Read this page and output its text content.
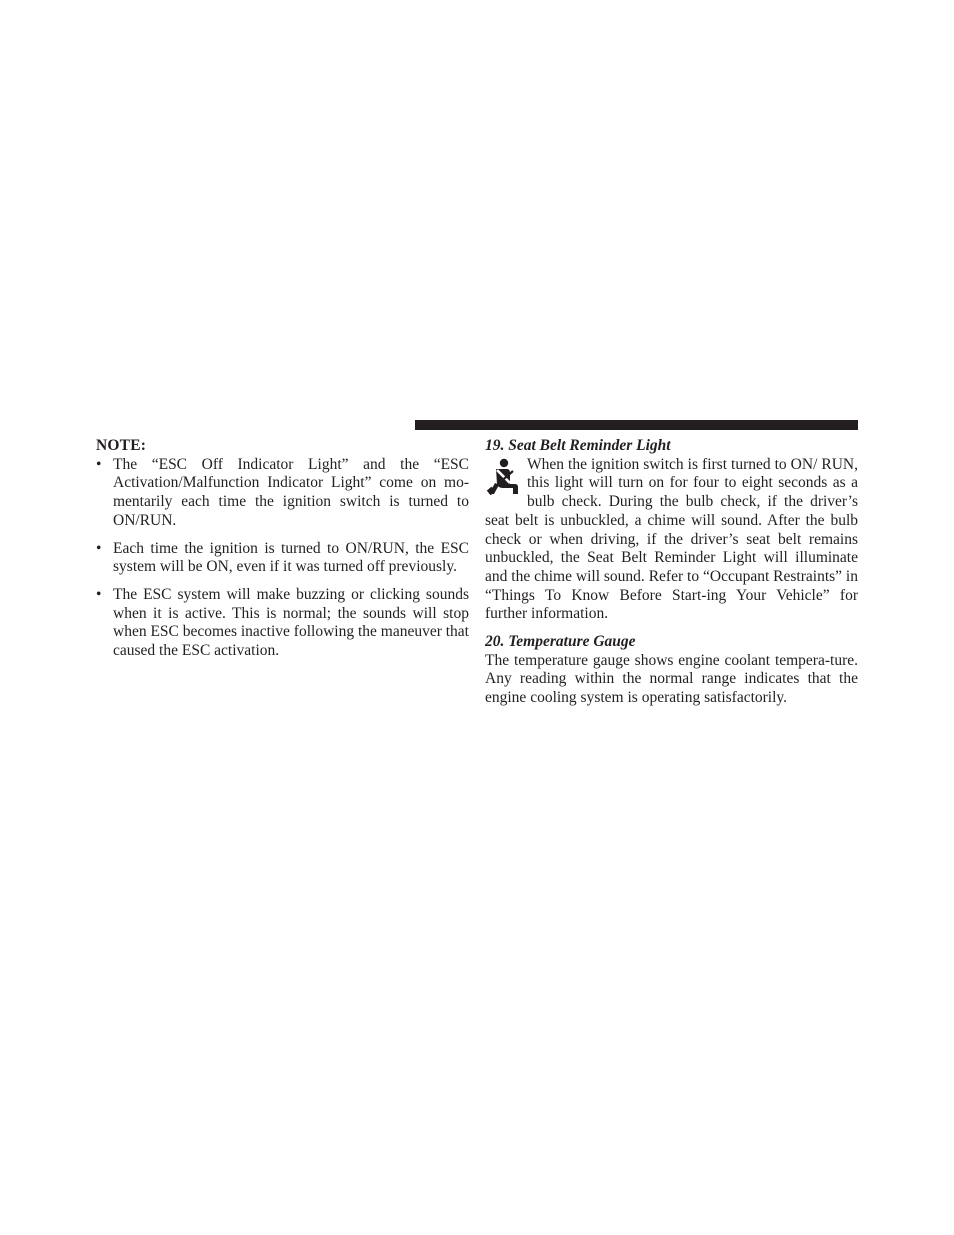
NOTE:

• The “ESC Off Indicator Light” and the “ESC Activation/Malfunction Indicator Light” come on mo-mentarily each time the ignition switch is turned to ON/RUN.
• Each time the ignition is turned to ON/RUN, the ESC system will be ON, even if it was turned off previously.
• The ESC system will make buzzing or clicking sounds when it is active. This is normal; the sounds will stop when ESC becomes inactive following the maneuver that caused the ESC activation.

19. Seat Belt Reminder Light

When the ignition switch is first turned to ON/ RUN, this light will turn on for four to eight seconds as a bulb check. During the bulb check, if the driver’s seat belt is unbuckled, a chime will sound. After the bulb check or when driving, if the driver’s seat belt remains unbuckled, the Seat Belt Reminder Light will illuminate and the chime will sound. Refer to “Occupant Restraints” in “Things To Know Before Start-ing Your Vehicle” for further information.

20. Temperature Gauge

The temperature gauge shows engine coolant tempera-ture. Any reading within the normal range indicates that the engine cooling system is operating satisfactorily.
